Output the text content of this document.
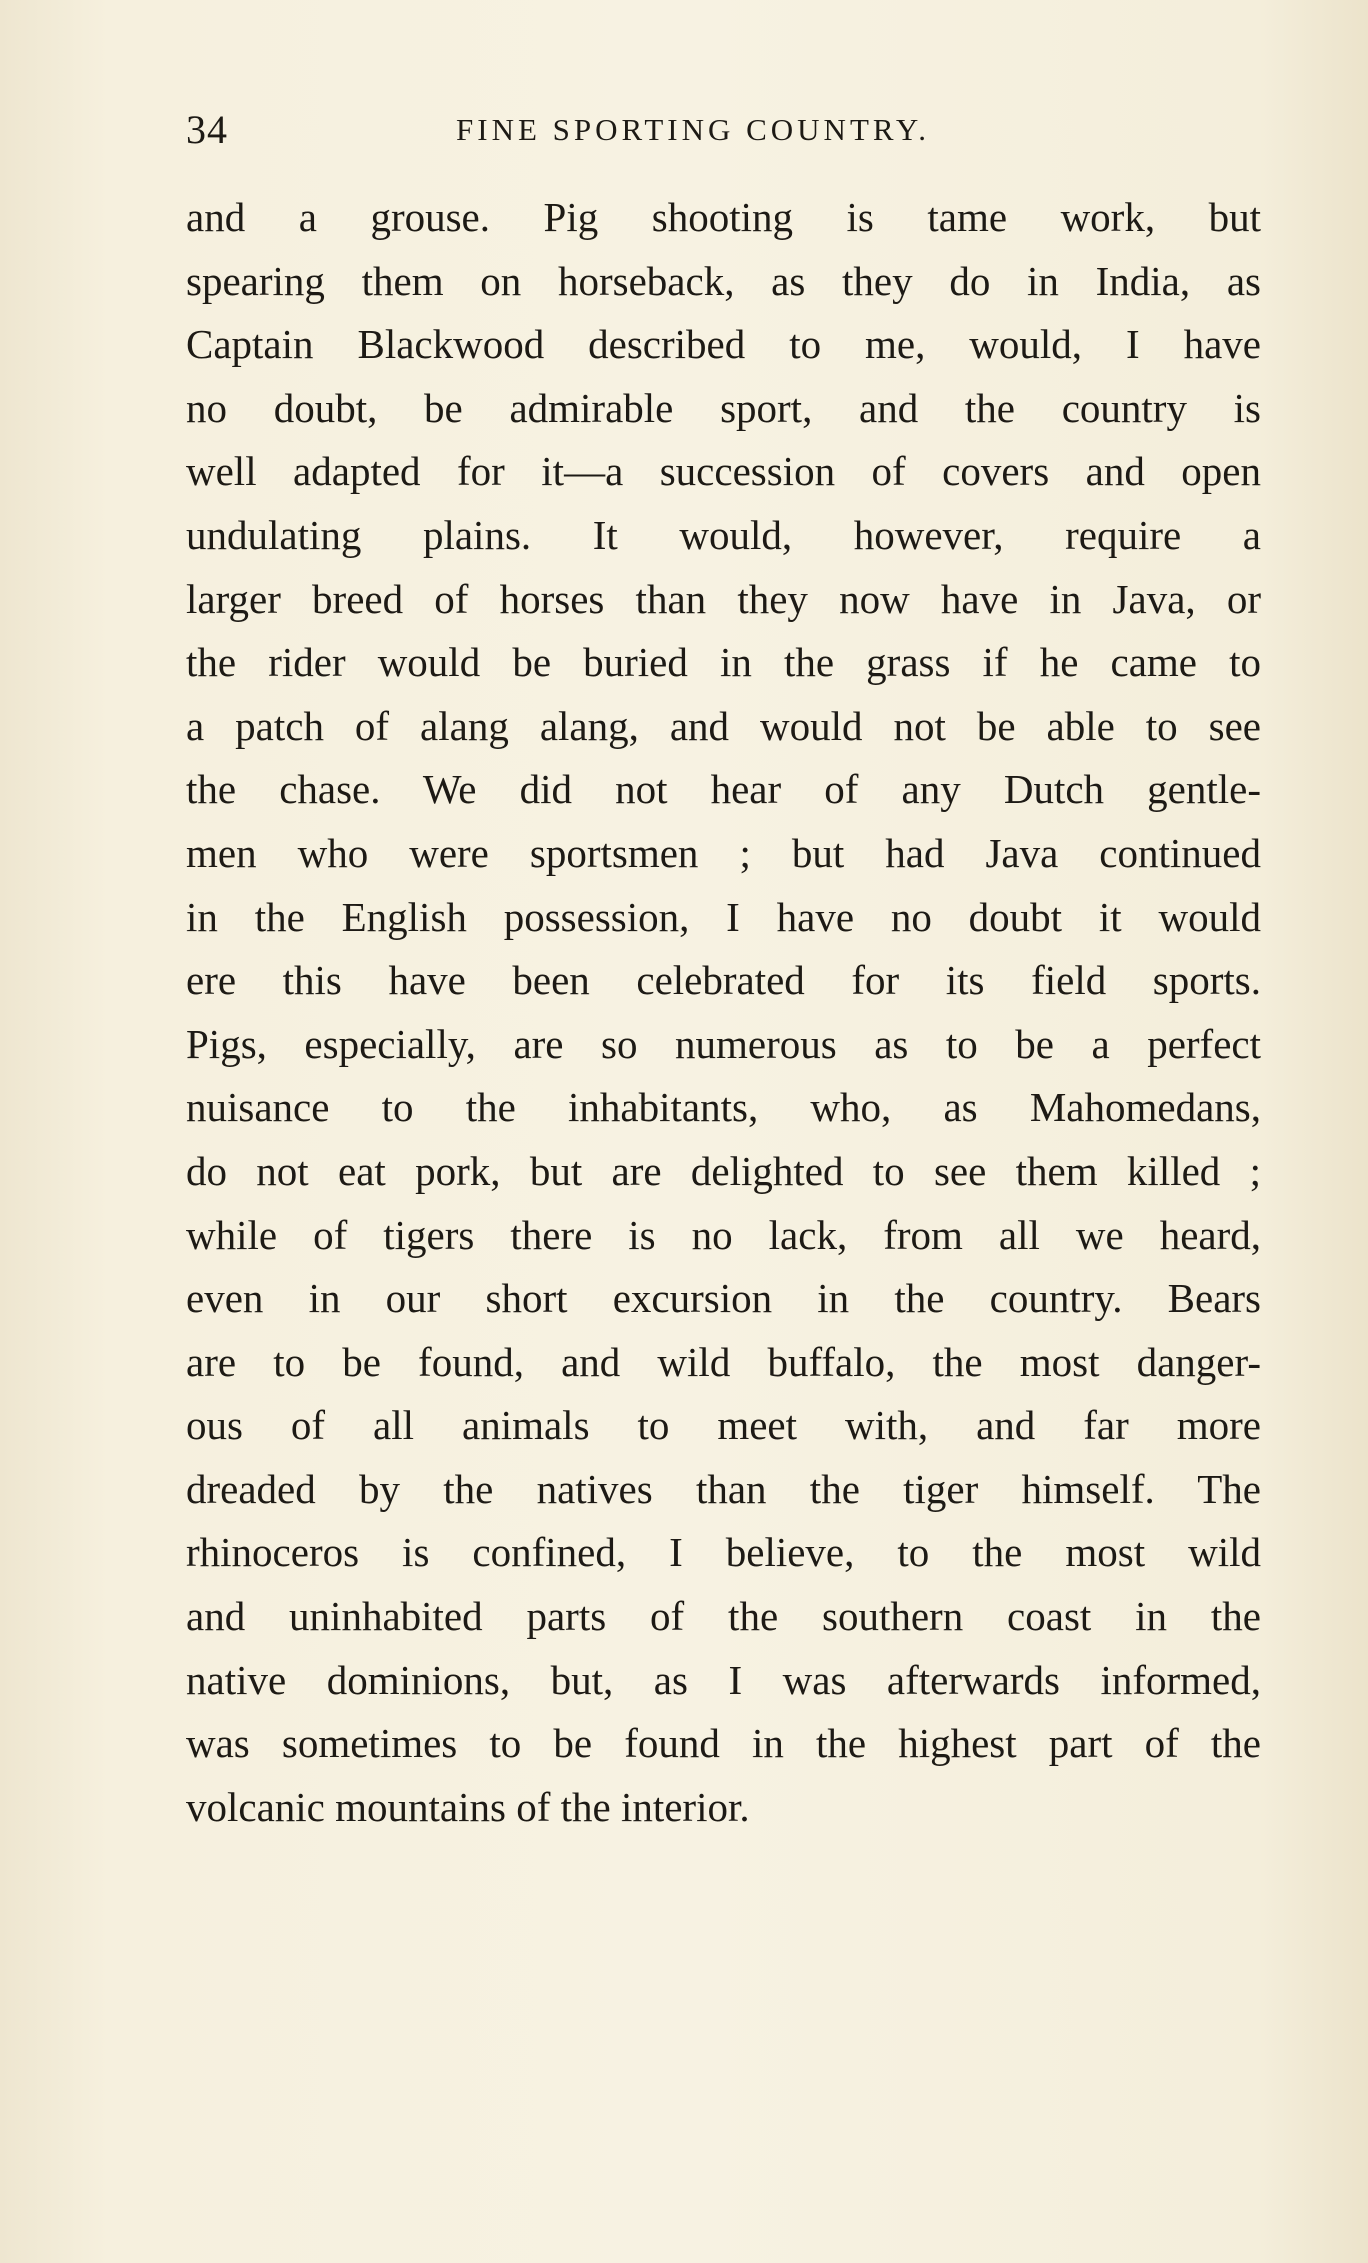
34	FINE SPORTING COUNTRY.
and a grouse. Pig shooting is tame work, but
spearing them on horseback, as they do in India, as
Captain Blackwood described to me, would, I have
no doubt, be admirable sport, and the country is
well adapted for it—a succession of covers and open
undulating plains. It would, however, require a
larger breed of horses than they now have in Java, or
the rider would be buried in the grass if he came to
a patch of alang alang, and would not be able to see
the chase. We did not hear of any Dutch gentle-
men who were sportsmen ; but had Java continued
in the English possession, I have no doubt it would
ere this have been celebrated for its field sports.
Pigs, especially, are so numerous as to be a perfect
nuisance to the inhabitants, who, as Mahomedans,
do not eat pork, but are delighted to see them killed ;
while of tigers there is no lack, from all we heard,
even in our short excursion in the country. Bears
are to be found, and wild buffalo, the most danger-
ous of all animals to meet with, and far more
dreaded by the natives than the tiger himself. The
rhinoceros is confined, I believe, to the most wild
and uninhabited parts of the southern coast in the
native dominions, but, as I was afterwards informed,
was sometimes to be found in the highest part of the
volcanic mountains of the interior.
